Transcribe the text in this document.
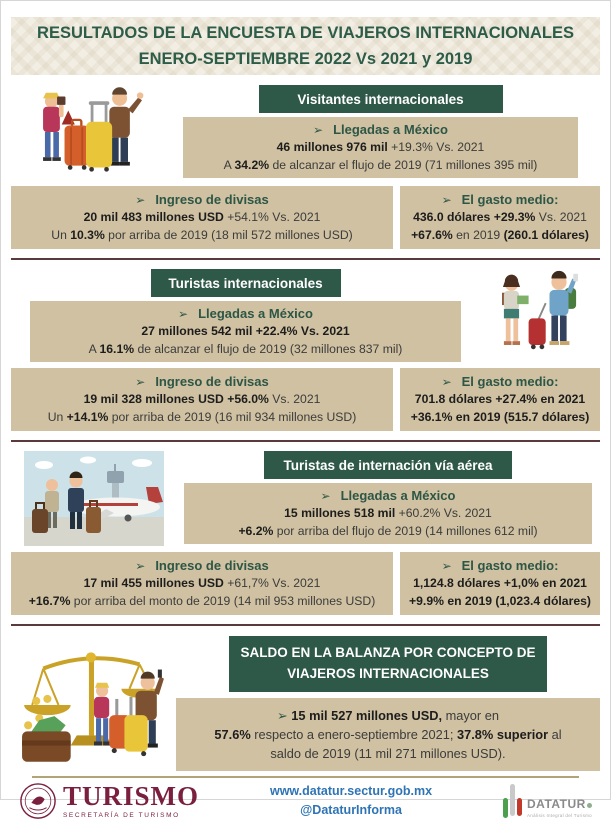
RESULTADOS DE LA ENCUESTA DE VIAJEROS INTERNACIONALES
ENERO-SEPTIEMBRE 2022 Vs 2021 y 2019
Visitantes internacionales
➢ Llegadas a México
46 millones 976 mil +19.3% Vs. 2021
A 34.2% de alcanzar el flujo de 2019 (71 millones 395 mil)
➢ Ingreso de divisas
20 mil 483 millones USD +54.1% Vs. 2021
Un 10.3% por arriba de 2019 (18 mil 572 millones USD)
➢ El gasto medio:
436.0 dólares +29.3% Vs. 2021
+67.6% en 2019 (260.1 dólares)
Turistas internacionales
➢ Llegadas a México
27 millones 542 mil +22.4% Vs. 2021
A 16.1% de alcanzar el flujo de 2019 (32 millones 837 mil)
➢ Ingreso de divisas
19 mil 328 millones USD +56.0% Vs. 2021
Un +14.1% por arriba de 2019 (16 mil 934 millones USD)
➢ El gasto medio:
701.8 dólares +27.4% en 2021
+36.1% en 2019 (515.7 dólares)
Turistas de internación vía aérea
➢ Llegadas a México
15 millones 518 mil +60.2% Vs. 2021
+6.2% por arriba del flujo de 2019 (14 millones 612 mil)
➢ Ingreso de divisas
17 mil 455 millones USD +61,7% Vs. 2021
+16.7% por arriba del monto de 2019 (14 mil 953 millones USD)
➢ El gasto medio:
1,124.8 dólares +1,0% en 2021
+9.9% en 2019 (1,023.4 dólares)
SALDO EN LA BALANZA POR CONCEPTO DE
VIAJEROS INTERNACIONALES
➢ 15 mil 527 millones USD, mayor en
57.6% respecto a enero-septiembre 2021; 37.8% superior al
saldo de 2019 (11 mil 271 millones USD).
TURISMO
SECRETARÍA DE TURISMO
www.datatur.sectur.gob.mx
@DataturInforma	DATATUR
Análisis Integral del Turismo
